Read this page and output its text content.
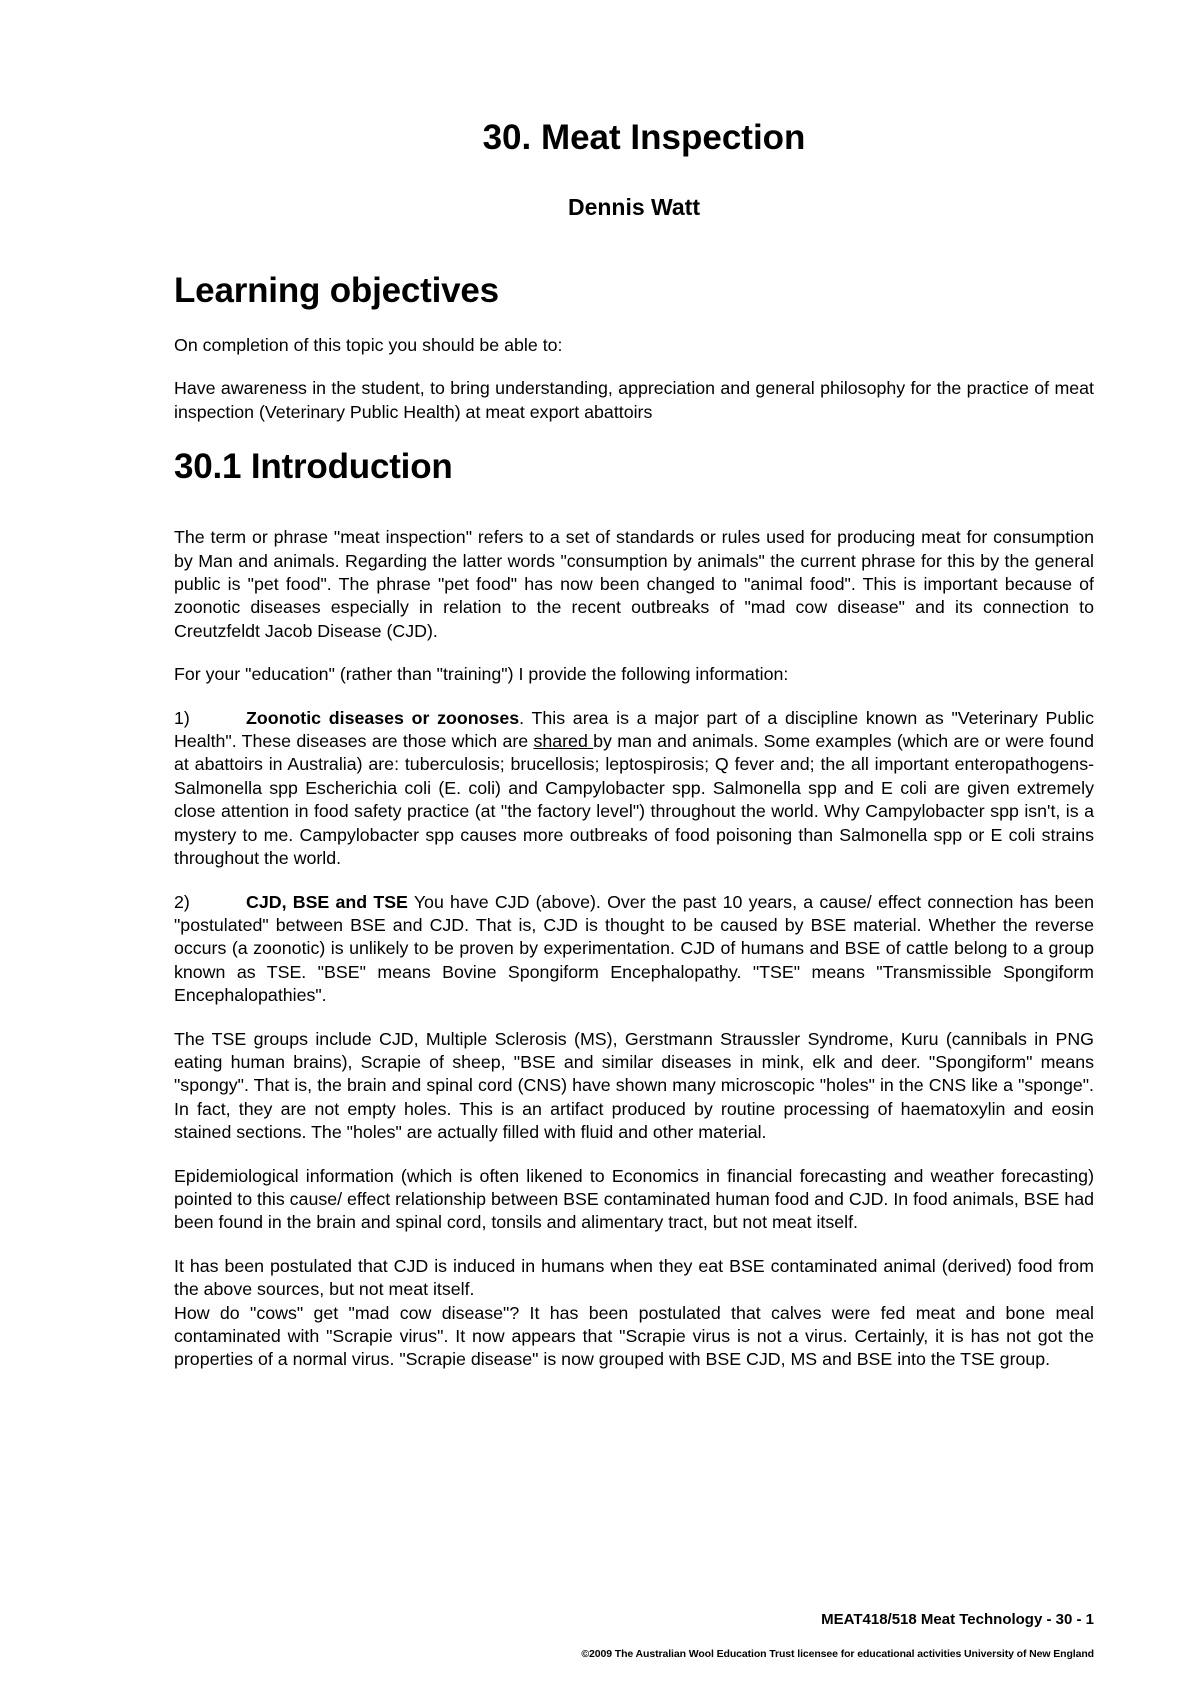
30. Meat Inspection
Dennis Watt
Learning objectives

On completion of this topic you should be able to:

Have awareness in the student, to bring understanding, appreciation and general philosophy for the practice of meat inspection (Veterinary Public Health) at meat export abattoirs

30.1 Introduction

The term or phrase "meat inspection" refers to a set of standards or rules used for producing meat for consumption by Man and animals. Regarding the latter words "consumption by animals" the current phrase for this by the general public is "pet food". The phrase "pet food" has now been changed to "animal food". This is important because of zoonotic diseases especially in relation to the recent outbreaks of "mad cow disease" and its connection to Creutzfeldt Jacob Disease (CJD).

For your "education" (rather than "training") I provide the following information:

1)	Zoonotic diseases or zoonoses. This area is a major part of a discipline known as "Veterinary Public Health". These diseases are those which are shared by man and animals. Some examples (which are or were found at abattoirs in Australia) are: tuberculosis; brucellosis; leptospirosis; Q fever and; the all important enteropathogens- Salmonella spp Escherichia coli (E. coli) and Campylobacter spp. Salmonella spp and E coli are given extremely close attention in food safety practice (at "the factory level") throughout the world. Why Campylobacter spp isn't, is a mystery to me. Campylobacter spp causes more outbreaks of food poisoning than Salmonella spp or E coli strains throughout the world.

2)	CJD, BSE and TSE You have CJD (above). Over the past 10 years, a cause/ effect connection has been "postulated" between BSE and CJD. That is, CJD is thought to be caused by BSE material. Whether the reverse occurs (a zoonotic) is unlikely to be proven by experimentation. CJD of humans and BSE of cattle belong to a group known as TSE. "BSE" means Bovine Spongiform Encephalopathy. "TSE" means "Transmissible Spongiform Encephalopathies".

The TSE groups include CJD, Multiple Sclerosis (MS), Gerstmann Straussler Syndrome, Kuru (cannibals in PNG eating human brains), Scrapie of sheep, "BSE and similar diseases in mink, elk and deer. "Spongiform" means "spongy". That is, the brain and spinal cord (CNS) have shown many microscopic "holes" in the CNS like a "sponge". In fact, they are not empty holes. This is an artifact produced by routine processing of haematoxylin and eosin stained sections. The "holes" are actually filled with fluid and other material.

Epidemiological information (which is often likened to Economics in financial forecasting and weather forecasting) pointed to this cause/ effect relationship between BSE contaminated human food and CJD. In food animals, BSE had been found in the brain and spinal cord, tonsils and alimentary tract, but not meat itself.

It has been postulated that CJD is induced in humans when they eat BSE contaminated animal (derived) food from the above sources, but not meat itself.

How do "cows" get "mad cow disease"? It has been postulated that calves were fed meat and bone meal contaminated with "Scrapie virus". It now appears that "Scrapie virus is not a virus. Certainly, it is has not got the properties of a normal virus. "Scrapie disease" is now grouped with BSE CJD, MS and BSE into the TSE group.

MEAT418/518 Meat Technology - 30 - 1

©2009 The Australian Wool Education Trust licensee for educational activities University of New England
